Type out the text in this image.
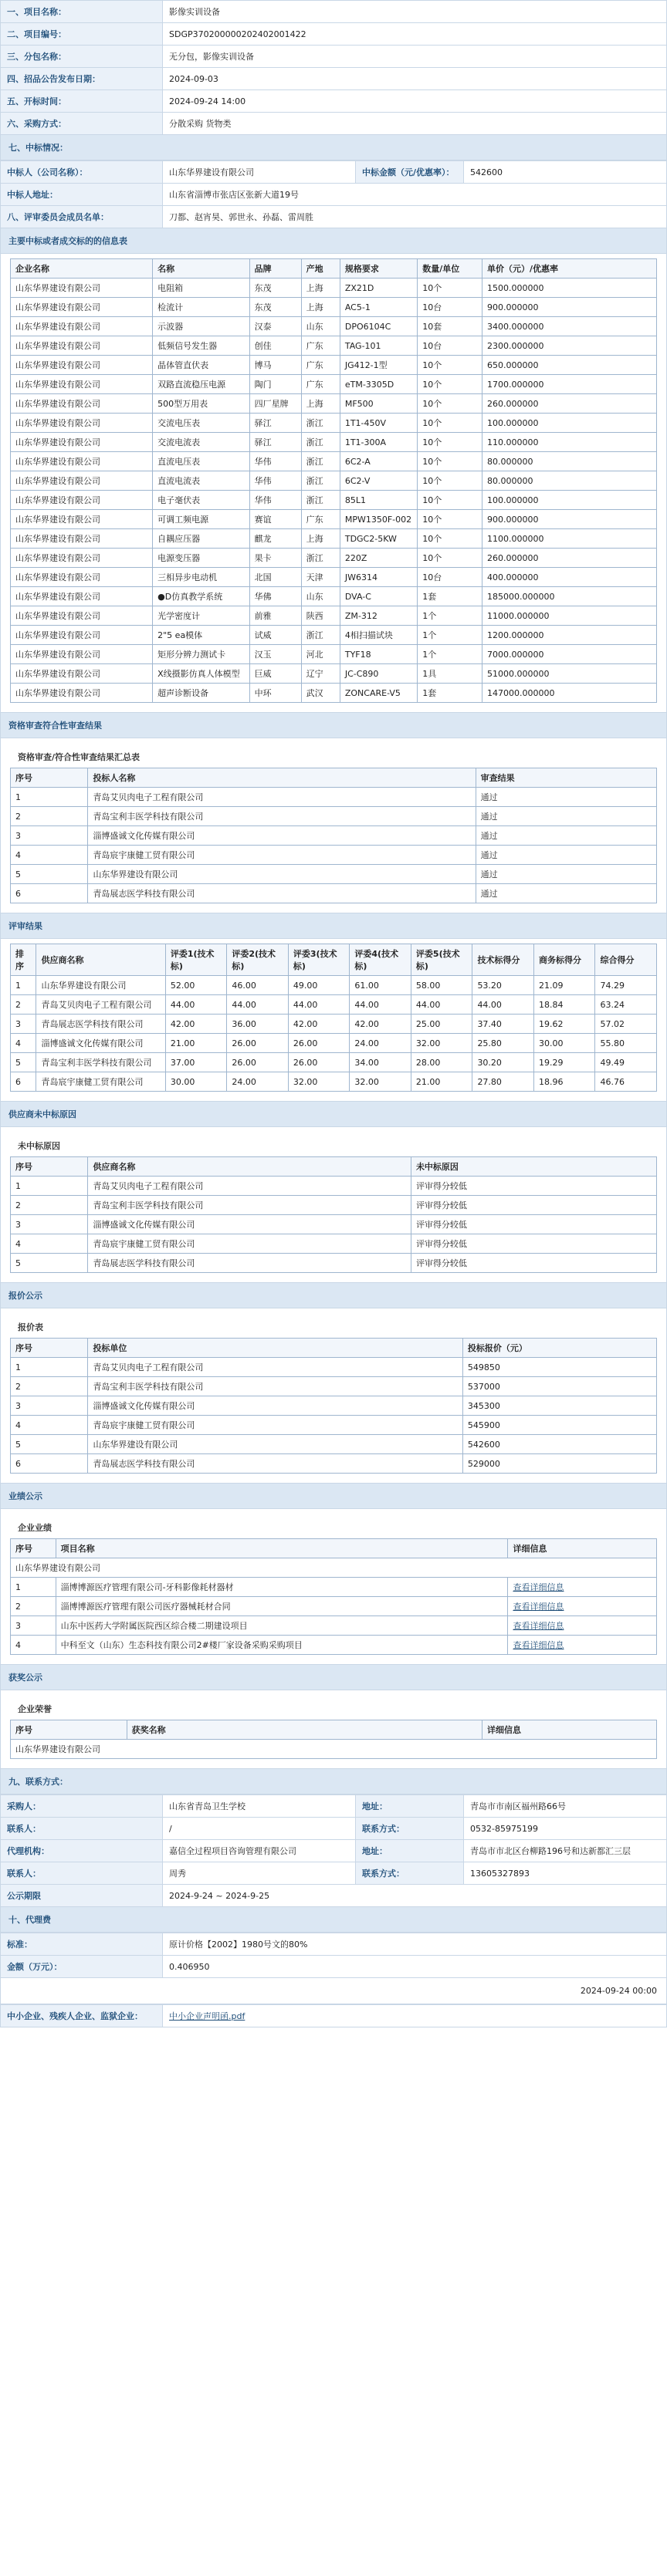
一、项目名称：	影像实训设备
二、项目编号：	SDGP370200000202402001422
三、分包名称：	无分包，影像实训设备
四、招品公告发布日期：	2024-09-03
五、开标时间：	2024-09-24 14:00
六、采购方式：	分散采购 货物类
七、中标情况：
中标人（公司名称）：	山东华界建设有限公司	中标金额（元/优惠率）：	542600
中标人地址：	山东省淄博市张店区张新大道19号		
八、评审委员会成员名单：	刀都、赵宵昊、郭世永、孙磊、雷周胜		
主要中标或者成交标的的信息表
企业名称	名称	品牌	产地	规格要求	数量/单位	单价（元）/优惠率
山东华界建设有限公司	电阻箱	东茂	上海	ZX21D	10个	1500.000000
山东华界建设有限公司	检流计	东茂	上海	AC5-1	10台	900.000000
山东华界建设有限公司	示波器	汉泰	山东	DPO6104C	10套	3400.000000
山东华界建设有限公司	低频信号发生器	创佳	广东	TAG-101	10台	2300.000000
山东华界建设有限公司	晶体管直伏表	博马	广东	JG412-1型	10个	650.000000
山东华界建设有限公司	双路直流稳压电源	陶门	广东	eTM-3305D	10个	1700.000000
山东华界建设有限公司	500型万用表	四厂星牌	上海	MF500	10个	260.000000
山东华界建设有限公司	交流电压表	驿江	浙江	1T1-450V	10个	100.000000
山东华界建设有限公司	交流电流表	驿江	浙江	1T1-300A	10个	110.000000
山东华界建设有限公司	直流电压表	华伟	浙江	6C2-A	10个	80.000000
山东华界建设有限公司	直流电流表	华伟	浙江	6C2-V	10个	80.000000
山东华界建设有限公司	电子毫伏表	华伟	浙江	85L1	10个	100.000000
山东华界建设有限公司	可调工频电源	赛谊	广东	MPW1350F-002	10个	900.000000
山东华界建设有限公司	自耦应压器	麒龙	上海	TDGC2-5KW	10个	1100.000000
山东华界建设有限公司	电源变压器	果卡	浙江	220Z	10个	260.000000
山东华界建设有限公司	三相异步电动机	北国	天津	JW6314	10台	400.000000
山东华界建设有限公司	●D仿真教学系统	华佛	山东	DVA-C	1套	185000.000000
山东华界建设有限公司	光学密度计	前雅	陕西	ZM-312	1个	11000.000000
山东华界建设有限公司	2"5 ea模体	试威	浙江	4相扫描试块	1个	1200.000000
山东华界建设有限公司	矩形分辨力测试卡	汉玉	河北	TYF18	1个	7000.000000
山东华界建设有限公司	X线摄影仿真人体模型	巨威	辽宁	JC-C890	1具	51000.000000
山东华界建设有限公司	超声诊断设备	中环	武汉	ZONCARE-V5	1套	147000.000000
资格审查符合性审查结果
资格审查/符合性审查结果汇总表
序号	投标人名称	审查结果
1	青岛艾贝肉电子工程有限公司	通过
2	青岛宝利丰医学科技有限公司	通过
3	淄博盛诚文化传媒有限公司	通过
4	青岛宸宇康健工贸有限公司	通过
5	山东华界建设有限公司	通过
6	青岛展志医学科技有限公司	通过
评审结果
排序	供应商名称	评委1(技术标)	评委2(技术标)	评委3(技术标)	评委4(技术标)	评委5(技术标)	技术标得分	商务标得分	综合得分
1	山东华界建设有限公司	52.00	46.00	49.00	61.00	58.00	53.20	21.09	74.29
2	青岛艾贝肉电子工程有限公司	44.00	44.00	44.00	44.00	44.00	44.00	18.84	63.24
3	青岛展志医学科技有限公司	42.00	36.00	42.00	42.00	25.00	37.40	19.62	57.02
4	淄博盛诚文化传媒有限公司	21.00	26.00	26.00	24.00	32.00	25.80	30.00	55.80
5	青岛宝利丰医学科技有限公司	37.00	26.00	26.00	34.00	28.00	30.20	19.29	49.49
6	青岛宸宇康健工贸有限公司	30.00	24.00	32.00	32.00	21.00	27.80	18.96	46.76
供应商未中标原因
未中标原因
序号	供应商名称	未中标原因
1	青岛艾贝肉电子工程有限公司	评审得分较低
2	青岛宝利丰医学科技有限公司	评审得分较低
3	淄博盛诚文化传媒有限公司	评审得分较低
4	青岛宸宇康健工贸有限公司	评审得分较低
5	青岛展志医学科技有限公司	评审得分较低
报价公示
报价表
序号	投标单位	投标报价（元）
1	青岛艾贝肉电子工程有限公司	549850
2	青岛宝利丰医学科技有限公司	537000
3	淄博盛诚文化传媒有限公司	345300
4	青岛宸宇康健工贸有限公司	545900
5	山东华界建设有限公司	542600
6	青岛展志医学科技有限公司	529000
业绩公示
企业业绩
序号	项目名称	详细信息
山东华界建设有限公司		
1	淄博博源医疗管理有限公司-牙科影像耗材器材	查看详细信息
2	淄博博源医疗管理有限公司医疗器械耗材合同	查看详细信息
3	山东中医药大学附属医院西区综合楼二期建设项目	查看详细信息
4	中科至文（山东）生态科技有限公司2#楼厂家设备采购采购项目	查看详细信息
获奖公示
企业荣誉
序号	获奖名称	详细信息
山东华界建设有限公司
九、联系方式：
采购人：	山东省青岛卫生学校	地址：	青岛市市南区福州路66号
联系人：	/	联系方式：	0532-85975199
代理机构：	嘉信全过程项目咨询管理有限公司	地址：	青岛市市北区台柳路196号和达新都汇三层
联系人：	周秀	联系方式：	13605327893
公示期限	2024-9-24 ~ 2024-9-25		
十、代理费
标准：	原计价格【2002】1980号文的80%
金额（万元）：	0.406950
2024-09-24 00:00
中小企业、残疾人企业、监狱企业：	中小企业声明函.pdf
